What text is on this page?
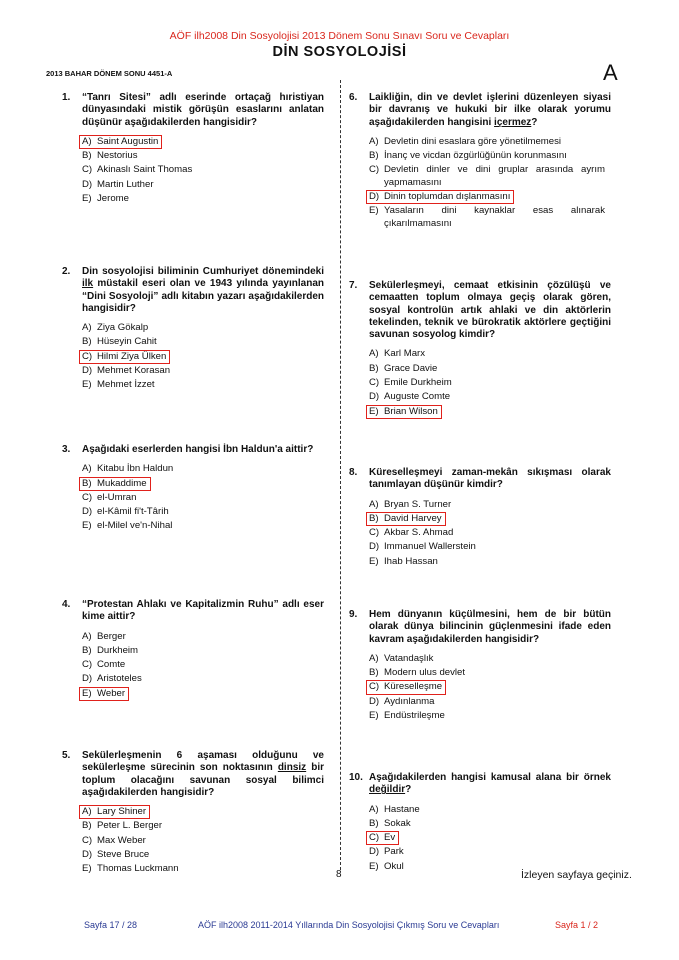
AÖF ilh2008 Din Sosyolojisi 2013 Dönem Sonu Sınavı Soru ve Cevapları
DİN SOSYOLOJİSİ
2013 BAHAR DÖNEM SONU 4451-A	A
1.	“Tanrı Sitesi” adlı eserinde ortaçağ hıristiyan dünyasındaki mistik görüşün esaslarını anlatan düşünür aşağıdakilerden hangisidir?
A) Saint Augustin
B) Nestorius
C) Akinaslı Saint Thomas
D) Martin Luther
E) Jerome
2.	Din sosyolojisi biliminin Cumhuriyet dönemindeki ilk müstakil eseri olan ve 1943 yılında yayınlanan “Dini Sosyoloji” adlı kitabın yazarı aşağıdakilerden hangisidir?
A) Ziya Gökalp
B) Hüseyin Cahit
C) Hilmi Ziya Ülken
D) Mehmet Korasan
E) Mehmet İzzet
3.	Aşağıdaki eserlerden hangisi İbn Haldun'a aittir?
A) Kitabu İbn Haldun
B) Mukaddime
C) el-Umran
D) el-Kâmil fi't-Târih
E) el-Milel ve'n-Nihal
4.	“Protestan Ahlakı ve Kapitalizmin Ruhu” adlı eser kime aittir?
A) Berger
B) Durkheim
C) Comte
D) Aristoteles
E) Weber
5.	Sekülerleşmenin 6 aşaması olduğunu ve sekülerleşme sürecinin son noktasının dinsiz bir toplum olacağını savunan sosyal bilimci aşağıdakilerden hangisidir?
A) Lary Shiner
B) Peter L. Berger
C) Max Weber
D) Steve Bruce
E) Thomas Luckmann
6.	Laikliğin, din ve devlet işlerini düzenleyen siyasi bir davranış ve hukuki bir ilke olarak yorumu aşağıdakilerden hangisini içermez?
A) Devletin dini esaslara göre yönetilmemesi
B) İnanç ve vicdan özgürlüğünün korunmasını
C) Devletin dinler ve dini gruplar arasında ayrım yapmamasını
D) Dinin toplumdan dışlanmasını
E) Yasaların dini kaynaklar esas alınarak çıkarılmamasını
7.	Sekülerleşmeyi, cemaat etkisinin çözülüşü ve cemaatten toplum olmaya geçiş olarak gören, sosyal kontrolün artık ahlaki ve din aktörlerin tekelinden, teknik ve bürokratik aktörlere geçtiğini savunan sosyolog kimdir?
A) Karl Marx
B) Grace Davie
C) Emile Durkheim
D) Auguste Comte
E) Brian Wilson
8.	Küreselleşmeyi zaman-mekân sıkışması olarak tanımlayan düşünür kimdir?
A) Bryan S. Turner
B) David Harvey
C) Akbar S. Ahmad
D) Immanuel Wallerstein
E) Ihab Hassan
9.	Hem dünyanın küçülmesini, hem de bir bütün olarak dünya bilincinin güçlenmesini ifade eden kavram aşağıdakilerden hangisidir?
A) Vatandaşlık
B) Modern ulus devlet
C) Küreselleşme
D) Aydınlanma
E) Endüstrileşme
10. Aşağıdakilerden hangisi kamusal alana bir örnek değildir?
A) Hastane
B) Sokak
C) Ev
D) Park
E) Okul
8	İzleyen sayfaya geçiniz.
Sayfa 17 / 28	AÖF ilh2008 2011-2014 Yıllarında Din Sosyolojisi Çıkmış Soru ve Cevapları	Sayfa 1 / 2
